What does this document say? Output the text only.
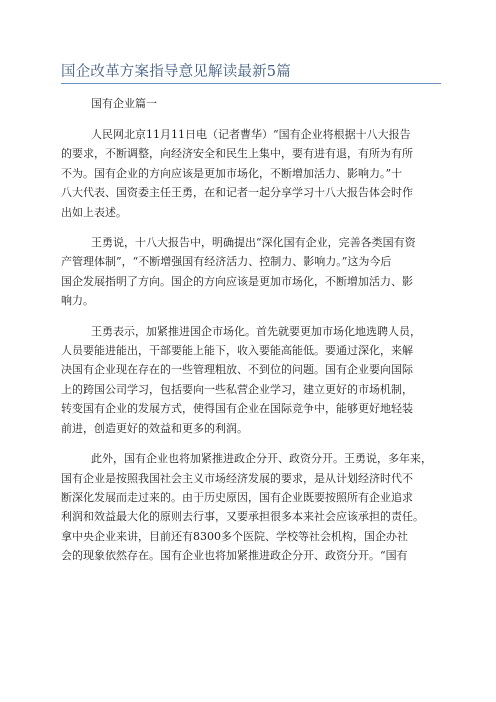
国企改革方案指导意见解读最新5篇
国有企业篇一

人民网北京11月11日电（记者曹华）“国有企业将根据十八大报告
的要求，不断调整，向经济安全和民生上集中，要有进有退，有所为有所
不为。国有企业的方向应该是更加市场化，不断增加活力、影响力。”十
八大代表、国资委主任王勇，在和记者一起分享学习十八大报告体会时作
出如上表述。

王勇说，十八大报告中，明确提出“深化国有企业，完善各类国有资
产管理体制”，“不断增强国有经济活力、控制力、影响力。”这为今后
国企发展指明了方向。国企的方向应该是更加市场化，不断增加活力、影
响力。

王勇表示，加紧推进国企市场化。首先就要更加市场化地选聘人员，
人员要能进能出，干部要能上能下，收入要能高能低。要通过深化，来解
决国有企业现在存在的一些管理粗放、不到位的问题。国有企业要向国际
上的跨国公司学习，包括要向一些私营企业学习，建立更好的市场机制，
转变国有企业的发展方式，使得国有企业在国际竞争中，能够更好地轻装
前进，创造更好的效益和更多的利润。

此外，国有企业也将加紧推进政企分开、政资分开。王勇说，多年来，
国有企业是按照我国社会主义市场经济发展的要求，是从计划经济时代不
断深化发展而走过来的。由于历史原因，国有企业既要按照所有企业追求
利润和效益最大化的原则去行事，又要承担很多本来社会应该承担的责任。
拿中央企业来讲，目前还有8300多个医院、学校等社会机构，国企办社
会的现象依然存在。国有企业也将加紧推进政企分开、政资分开。“国有
